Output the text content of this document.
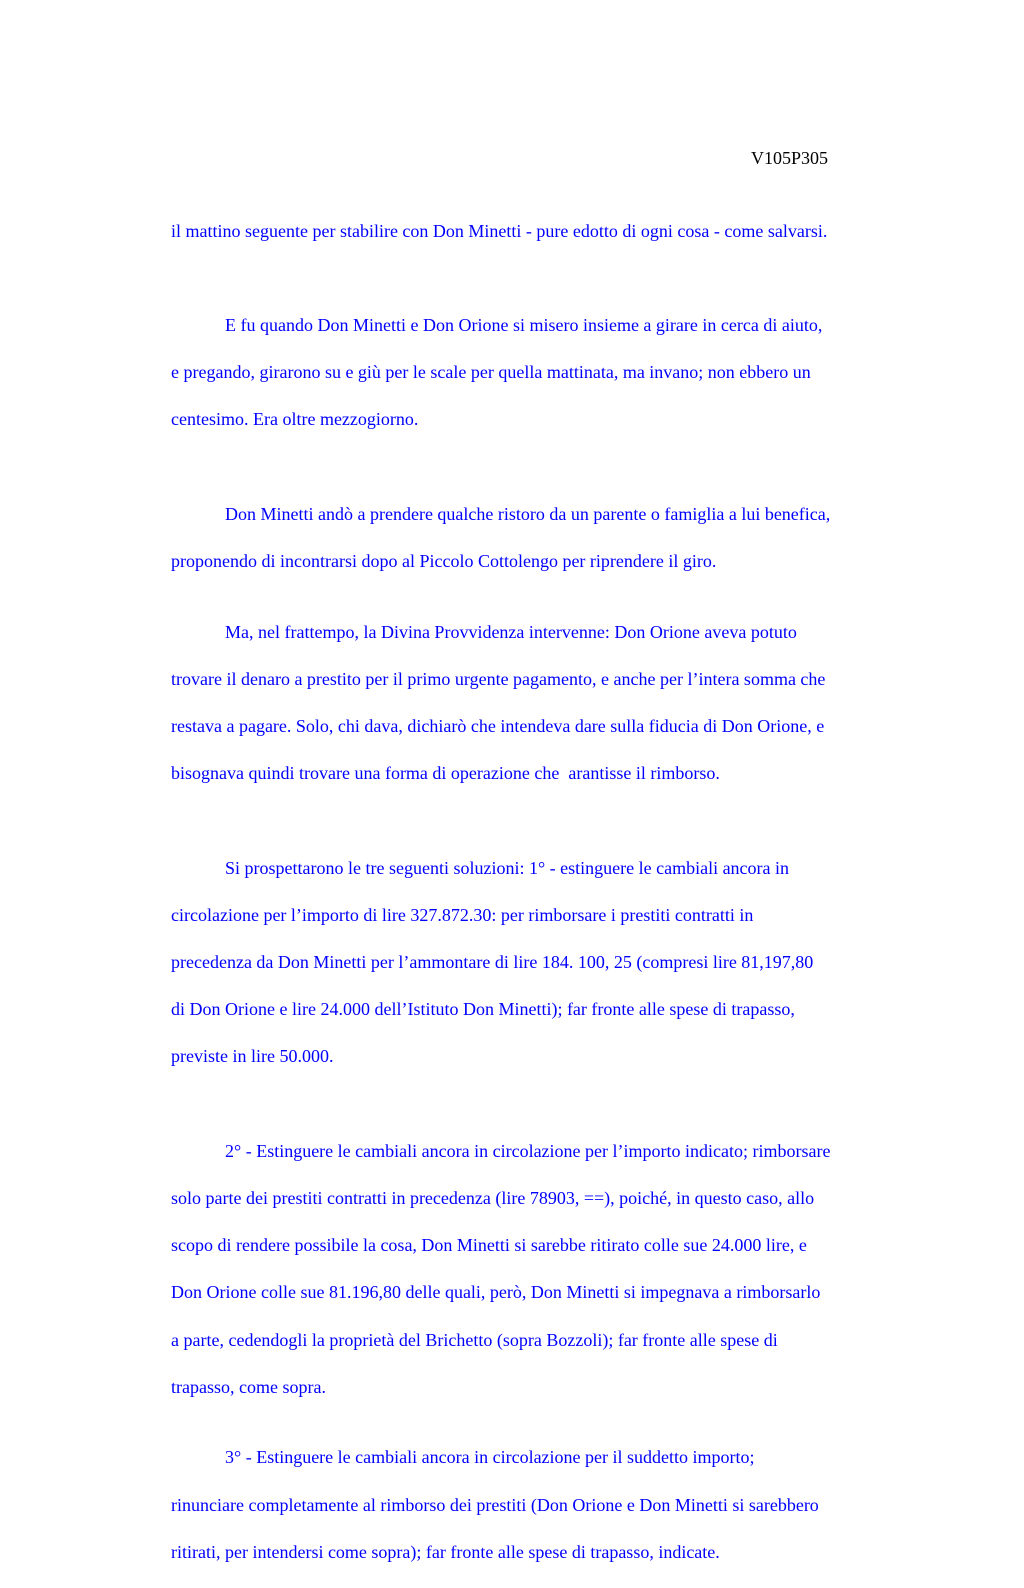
V105P305

il mattino seguente per stabilire con Don Minetti - pure edotto di ogni cosa - come salvarsi.

E fu quando Don Minetti e Don Orione si misero insieme a girare in cerca di aiuto,

e pregando, girarono su e giù per le scale per quella mattinata, ma invano; non ebbero un

centesimo. Era oltre mezzogiorno.

Don Minetti andò a prendere qualche ristoro da un parente o famiglia a lui benefica,

proponendo di incontrarsi dopo al Piccolo Cottolengo per riprendere il giro.

Ma, nel frattempo, la Divina Provvidenza intervenne: Don Orione aveva potuto

trovare il denaro a prestito per il primo urgente pagamento, e anche per l’intera somma che

restava a pagare. Solo, chi dava, dichiarò che intendeva dare sulla fiducia di Don Orione, e

bisognava quindi trovare una forma di operazione che  arantisse il rimborso.

Si prospettarono le tre seguenti soluzioni: 1° - estinguere le cambiali ancora in

circolazione per l’importo di lire 327.872.30: per rimborsare i prestiti contratti in

precedenza da Don Minetti per l’ammontare di lire 184. 100, 25 (compresi lire 81,197,80

di Don Orione e lire 24.000 dell’Istituto Don Minetti); far fronte alle spese di trapasso,

previste in lire 50.000.

2° - Estinguere le cambiali ancora in circolazione per l’importo indicato; rimborsare

solo parte dei prestiti contratti in precedenza (lire 78903, ==), poiché, in questo caso, allo

scopo di rendere possibile la cosa, Don Minetti si sarebbe ritirato colle sue 24.000 lire, e

Don Orione colle sue 81.196,80 delle quali, però, Don Minetti si impegnava a rimborsarlo

a parte, cedendogli la proprietà del Brichetto (sopra Bozzoli); far fronte alle spese di

trapasso, come sopra.

3° - Estinguere le cambiali ancora in circolazione per il suddetto importo;

rinunciare completamente al rimborso dei prestiti (Don Orione e Don Minetti si sarebbero

ritirati, per intendersi come sopra); far fronte alle spese di trapasso, indicate.
